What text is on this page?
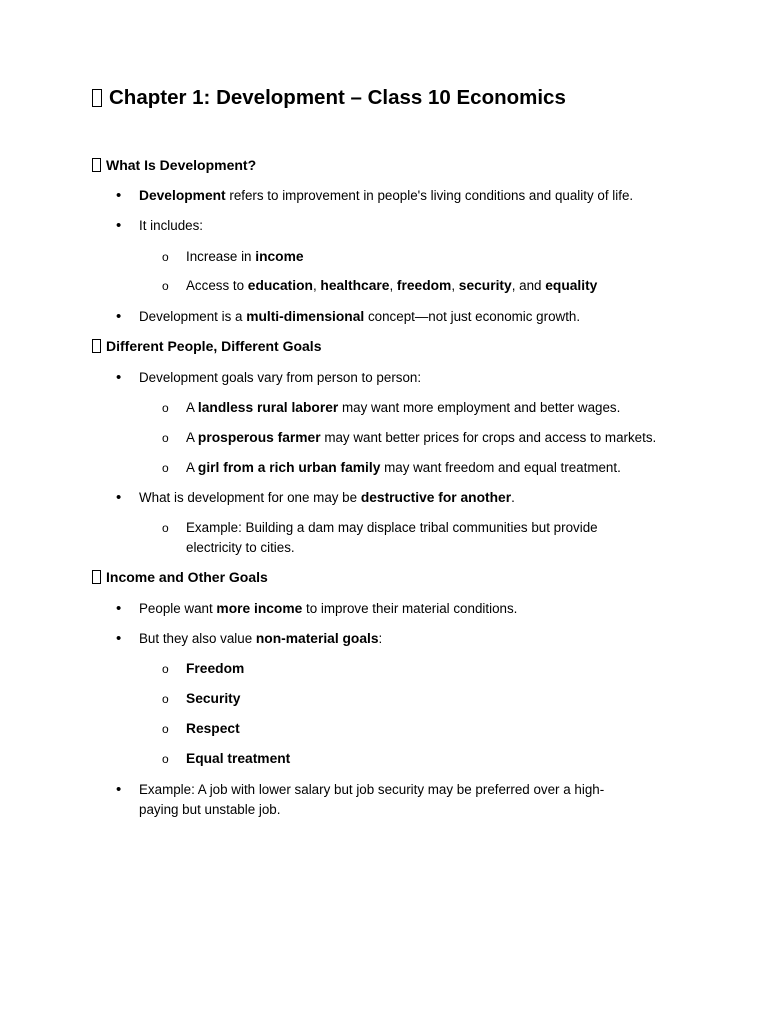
Chapter 1: Development – Class 10 Economics
What Is Development?
• Development refers to improvement in people's living conditions and quality of life.
• It includes:
o Increase in income
o Access to education, healthcare, freedom, security, and equality
• Development is a multi-dimensional concept—not just economic growth.
Different People, Different Goals
• Development goals vary from person to person:
o A landless rural laborer may want more employment and better wages.
o A prosperous farmer may want better prices for crops and access to markets.
o A girl from a rich urban family may want freedom and equal treatment.
• What is development for one may be destructive for another.
o Example: Building a dam may displace tribal communities but provide
electricity to cities.
Income and Other Goals
• People want more income to improve their material conditions.
• But they also value non-material goals:
o Freedom
o Security
o Respect
o Equal treatment
• Example: A job with lower salary but job security may be preferred over a high-
paying but unstable job.
